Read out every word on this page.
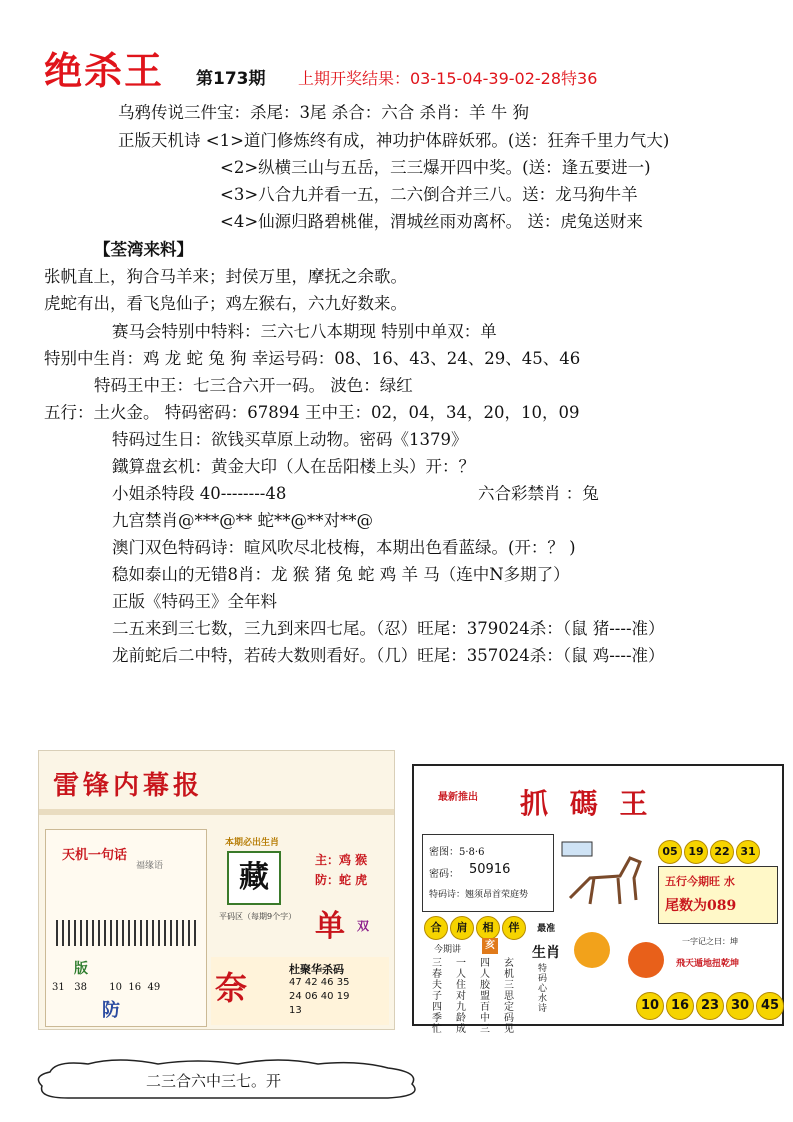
绝杀王 第173期 上期开奖结果：03-15-04-39-02-28特36
乌鸦传说三件宝：杀尾：3尾 杀合：六合 杀肖：羊 牛 狗
正版天机诗 <1>道门修炼终有成，神功护体辟妖邪。(送：狂奔千里力气大)
<2>纵横三山与五岳，三三爆开四中奖。(送：逢五要进一)
<3>八合九并看一五，二六倒合并三八。送：龙马狗牛羊
<4>仙源归路碧桃催，渭城丝雨劝离杯。 送：虎兔送财来
【荃湾来料】
张帆直上，狗合马羊来；封侯万里，摩抚之余歌。
虎蛇有出，看飞凫仙子；鸡左猴右，六九好数来。
赛马会特别中特料：三六七八本期现 特别中单双：单
特别中生肖：鸡 龙 蛇 兔 狗 幸运号码：08、16、43、24、29、45、46
特码王中王：七三合六开一码。 波色：绿红
五行：土火金。 特码密码：67894 王中王：02，04，34，20，10，09
特码过生日：欲钱买草原上动物。密码《1379》
鐵算盘玄机：黄金大印（人在岳阳楼上头）开：？
小姐杀特段 40--------48	六合彩禁肖 ：兔
九宫禁肖@***@** 蛇**@**对**@
澳门双色特码诗：暄风吹尽北枝梅，本期出色看蓝绿。(开：？ )
稳如泰山的无错8肖：龙 猴 猪 兔 蛇 鸡 羊 马（连中N多期了）
正版《特码王》全年料
二五来到三七数，三九到来四七尾。（忍）旺尾：379024杀：（鼠 猪----准）
龙前蛇后二中特，若砖大数则看好。（几）旺尾：357024杀：（鼠 鸡----准）
雷锋内幕报
天机一句话
福缘语
版
31 38 10 16 49
防
本期必出生肖
藏	主：鸡 猴
防：蛇 虎
平码区（每期9个字） 单 双
奈	杜聚华杀码
47 42 46 35
24 06 40 19
13
最新推出 抓 碼 王
密图：5·8·6
密码： 50916
特码诗：翘须昂首荣庭势
05 19 22 31
五行今期旺 水
尾数为089
合 肩 相 伴 最准
今期讲	亥
三春夫子四季忙
一人住对九龄成
四人胶盟百中三
玄机三思定码见
生肖
特码心水诗
一字记之曰：坤
飛天遁地扭乾坤
10 16 23 30 45
二三合六中三七。开
